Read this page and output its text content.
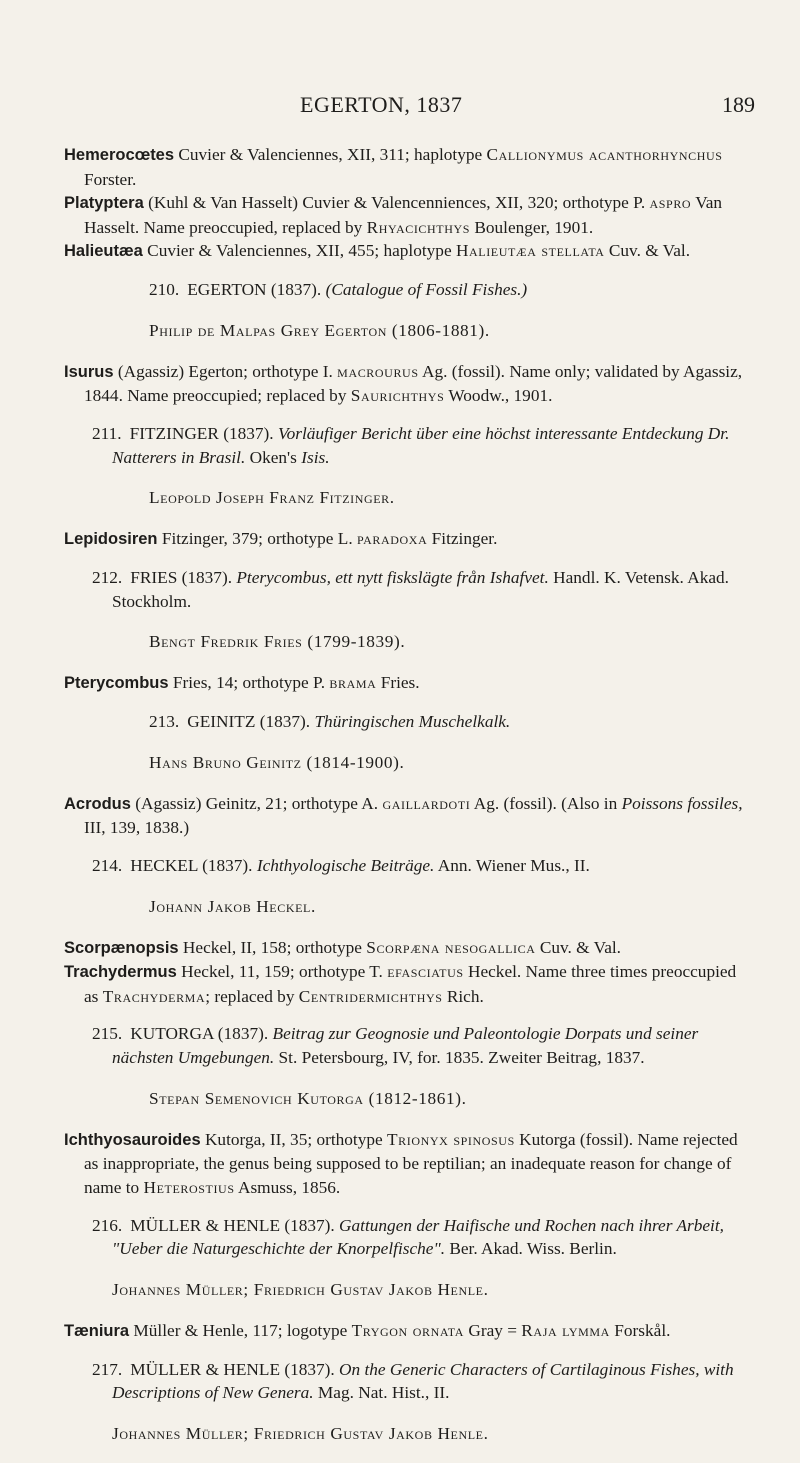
EGERTON, 1837	189

Hemerocœtes Cuvier & Valenciennes, XII, 311; haplotype Callionymus acanthorhynchus Forster.

Platyptera (Kuhl & Van Hasselt) Cuvier & Valencenniences, XII, 320; orthotype P. aspro Van Hasselt. Name preoccupied, replaced by Rhyacichthys Boulenger, 1901.

Halieutæa Cuvier & Valenciennes, XII, 455; haplotype Halieutæa stellata Cuv. & Val.

210. EGERTON (1837). (Catalogue of Fossil Fishes.)

Philip de Malpas Grey Egerton (1806-1881).

Isurus (Agassiz) Egerton; orthotype I. macrourus Ag. (fossil). Name only; validated by Agassiz, 1844. Name preoccupied; replaced by Saurichthys Woodw., 1901.

211. FITZINGER (1837). Vorläufiger Bericht über eine höchst interessante Entdeckung Dr. Natterers in Brasil. Oken's Isis.

Leopold Joseph Franz Fitzinger.

Lepidosiren Fitzinger, 379; orthotype L. paradoxa Fitzinger.

212. FRIES (1837). Pterycombus, ett nytt fiskslägte från Ishafvet. Handl. K. Vetensk. Akad. Stockholm.

Bengt Fredrik Fries (1799-1839).

Pterycombus Fries, 14; orthotype P. brama Fries.

213. GEINITZ (1837). Thüringischen Muschelkalk.

Hans Bruno Geinitz (1814-1900).

Acrodus (Agassiz) Geinitz, 21; orthotype A. gaillardoti Ag. (fossil). (Also in Poissons fossiles, III, 139, 1838.)

214. HECKEL (1837). Ichthyologische Beiträge. Ann. Wiener Mus., II.

Johann Jakob Heckel.

Scorpænopsis Heckel, II, 158; orthotype Scorpæna nesogallica Cuv. & Val.

Trachydermus Heckel, 11, 159; orthotype T. efasciatus Heckel. Name three times preoccupied as Trachyderma; replaced by Centridermichthys Rich.

215. KUTORGA (1837). Beitrag zur Geognosie und Paleontologie Dorpats und seiner nächsten Umgebungen. St. Petersbourg, IV, for. 1835. Zweiter Beitrag, 1837.

Stepan Semenovich Kutorga (1812-1861).

Ichthyosauroides Kutorga, II, 35; orthotype Trionyx spinosus Kutorga (fossil). Name rejected as inappropriate, the genus being supposed to be reptilian; an inadequate reason for change of name to Heterostius Asmuss, 1856.

216. MÜLLER & HENLE (1837). Gattungen der Haifische und Rochen nach ihrer Arbeit, "Ueber die Naturgeschichte der Knorpelfische". Ber. Akad. Wiss. Berlin.

Johannes Müller; Friedrich Gustav Jakob Henle.

Tæniura Müller & Henle, 117; logotype Trygon ornata Gray = Raja lymma Forskål.

217. MÜLLER & HENLE (1837). On the Generic Characters of Cartilaginous Fishes, with Descriptions of New Genera. Mag. Nat. Hist., II.

Johannes Müller; Friedrich Gustav Jakob Henle.
